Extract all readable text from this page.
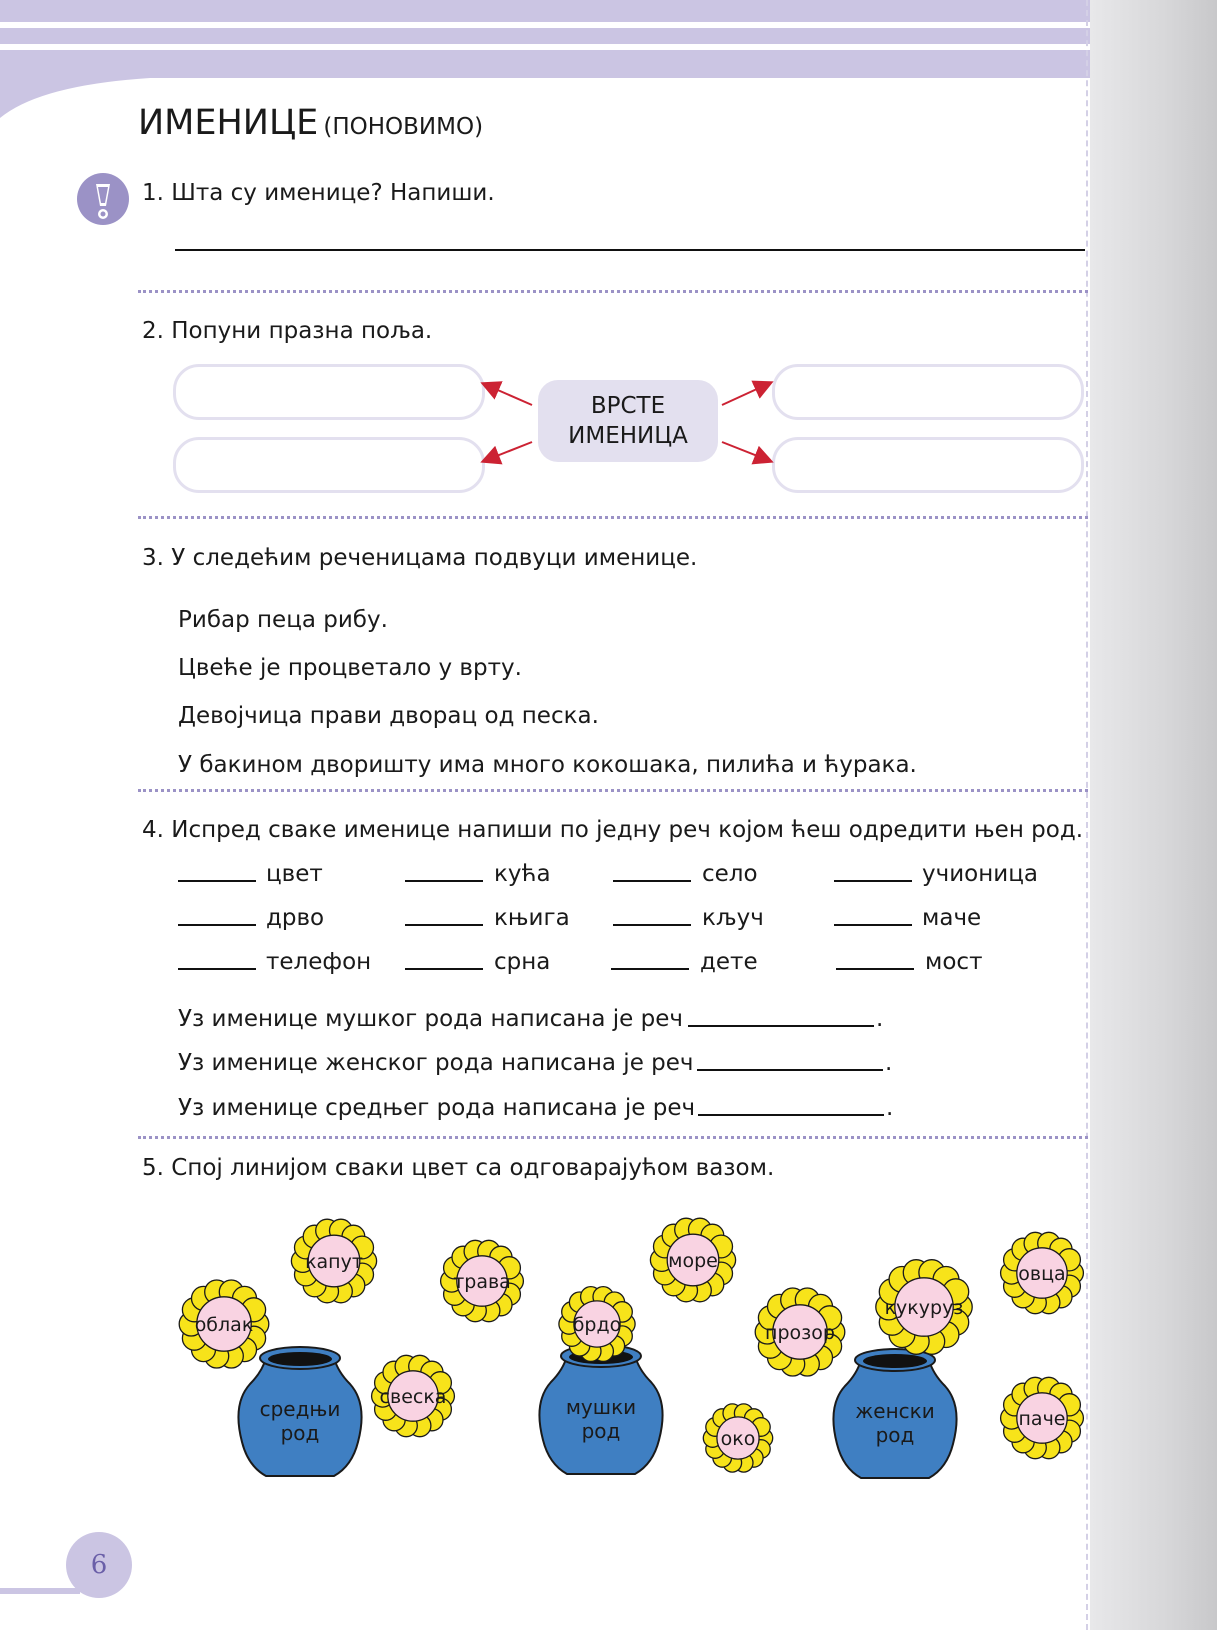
ИМЕНИЦЕ (ПОНОВИМО)
1. Шта су именице? Напиши.
2. Попуни празна поља.
ВРСТЕ
ИМЕНИЦА
3. У следећим реченицама подвуци именице.
Рибар пеца рибу.
Цвеће је процветало у врту.
Девојчица прави дворац од песка.
У бакином дворишту има много кокошака, пилића и ћурака.
4. Испред сваке именице напиши по једну реч којом ћеш одредити њен род.
цвет	кућа	село	учионица
дрво	књига	кључ	маче
телефон	срна	дете	мост
Уз именице мушког рода написана је реч	.
Уз именице женског рода написана је реч	.
Уз именице средњег рода написана је реч	.
5. Спој линијом сваки цвет са одговарајућом вазом.
средњи
род
мушки
род
женски
род
облак
капут
трава
свеска
брдо
море
прозор
кукуруз
овца
око
паче
6
